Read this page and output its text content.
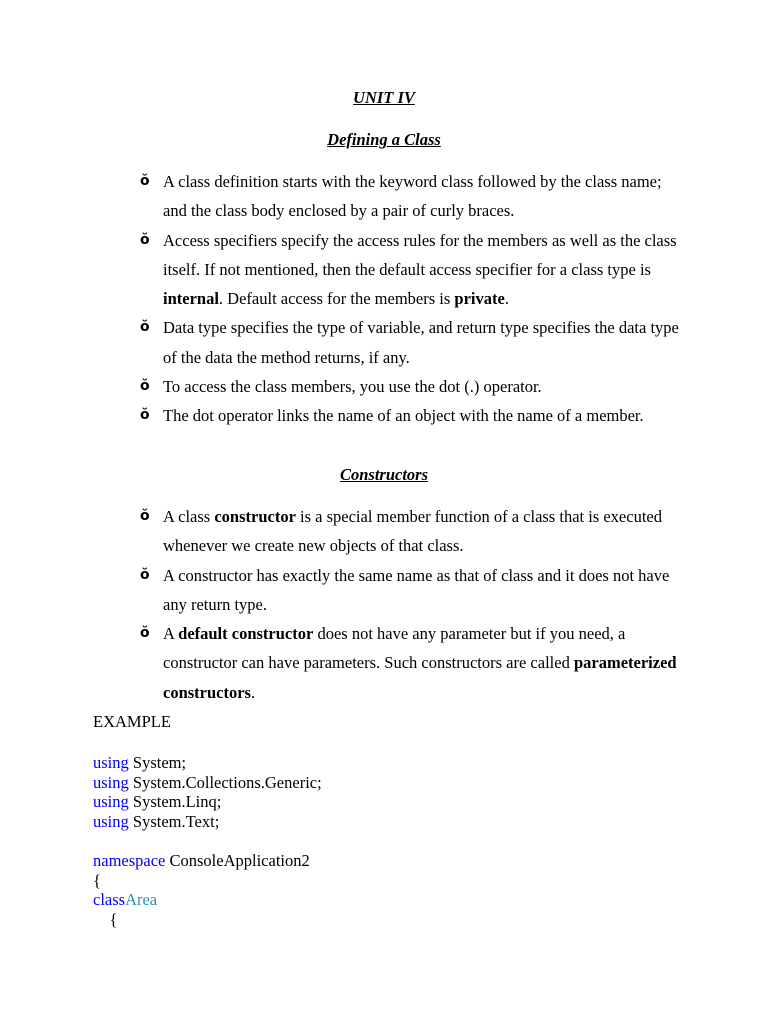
UNIT IV
Defining a Class
ŏ A class definition starts with the keyword class followed by the class name; and the class body enclosed by a pair of curly braces.
ŏ Access specifiers specify the access rules for the members as well as the class itself. If not mentioned, then the default access specifier for a class type is internal. Default access for the members is private.
ŏ Data type specifies the type of variable, and return type specifies the data type of the data the method returns, if any.
ŏ To access the class members, you use the dot (.) operator.
ŏ The dot operator links the name of an object with the name of a member.
Constructors
ŏ A class constructor is a special member function of a class that is executed whenever we create new objects of that class.
ŏ A constructor has exactly the same name as that of class and it does not have any return type.
ŏ A default constructor does not have any parameter but if you need, a constructor can have parameters. Such constructors are called parameterized constructors.
EXAMPLE
using System;
using System.Collections.Generic;
using System.Linq;
using System.Text;
namespace ConsoleApplication2
{
classArea
{
